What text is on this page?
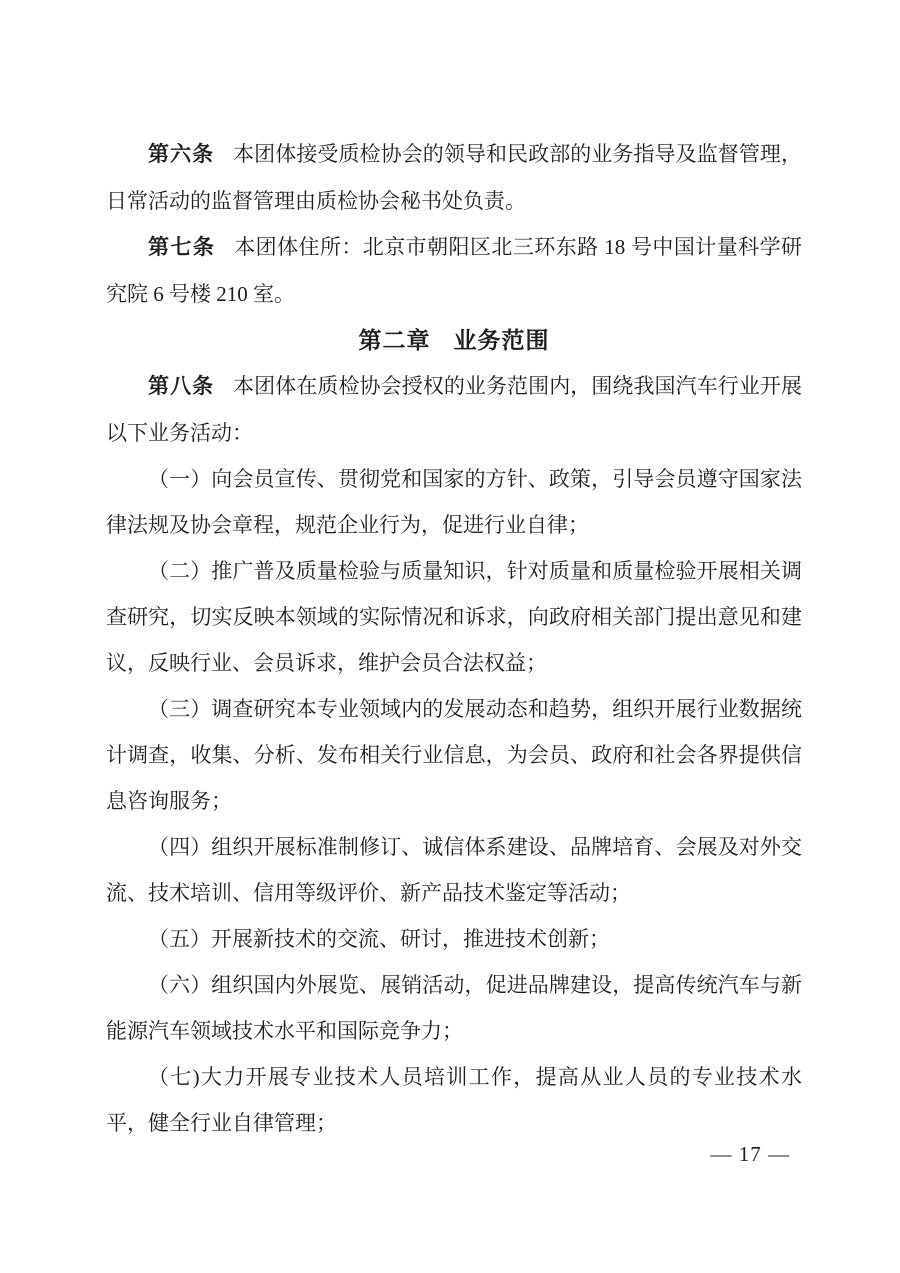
第六条 本团体接受质检协会的领导和民政部的业务指导及监督管理，日常活动的监督管理由质检协会秘书处负责。

第七条 本团体住所：北京市朝阳区北三环东路 18 号中国计量科学研究院 6 号楼 210 室。

第二章 业务范围

第八条 本团体在质检协会授权的业务范围内，围绕我国汽车行业开展以下业务活动：

（一）向会员宣传、贯彻党和国家的方针、政策，引导会员遵守国家法律法规及协会章程，规范企业行为，促进行业自律；

（二）推广普及质量检验与质量知识，针对质量和质量检验开展相关调查研究，切实反映本领域的实际情况和诉求，向政府相关部门提出意见和建议，反映行业、会员诉求，维护会员合法权益；

（三）调查研究本专业领域内的发展动态和趋势，组织开展行业数据统计调查，收集、分析、发布相关行业信息，为会员、政府和社会各界提供信息咨询服务；

（四）组织开展标准制修订、诚信体系建设、品牌培育、会展及对外交流、技术培训、信用等级评价、新产品技术鉴定等活动；

（五）开展新技术的交流、研讨，推进技术创新；

（六）组织国内外展览、展销活动，促进品牌建设，提高传统汽车与新能源汽车领域技术水平和国际竞争力；

（七)大力开展专业技术人员培训工作，提高从业人员的专业技术水平，健全行业自律管理；

— 17 —
